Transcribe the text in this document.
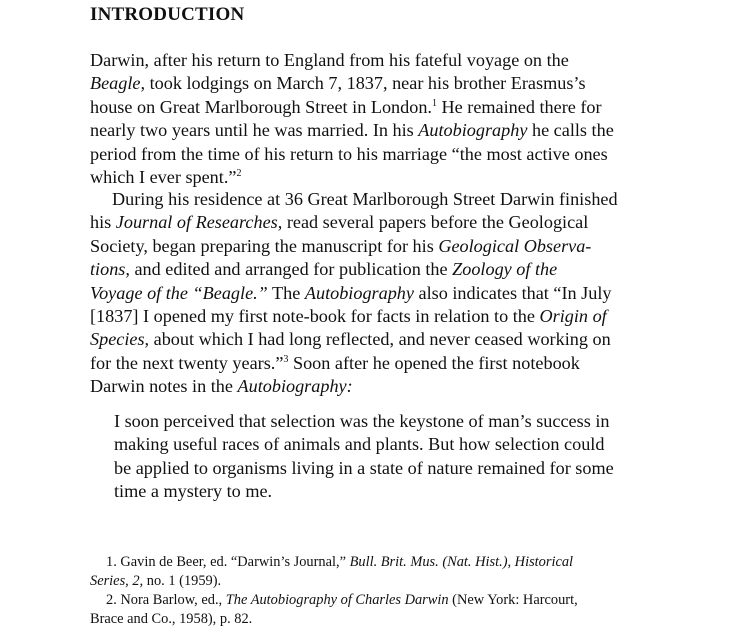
INTRODUCTION
Darwin, after his return to England from his fateful voyage on the
Beagle, took lodgings on March 7, 1837, near his brother Erasmus’s
house on Great Marlborough Street in London.$^1$ He remained there for
nearly two years until he was married. In his Autobiography he calls the
period from the time of his return to his marriage “the most active ones
which I ever spent.”$^2$
During his residence at 36 Great Marlborough Street Darwin finished
his Journal of Researches, read several papers before the Geological
Society, began preparing the manuscript for his Geological Observa-
tions, and edited and arranged for publication the Zoology of the
Voyage of the “Beagle.” The Autobiography also indicates that “In July
[1837] I opened my first note-book for facts in relation to the Origin of
Species, about which I had long reflected, and never ceased working on
for the next twenty years.”$^3$ Soon after he opened the first notebook
Darwin notes in the Autobiography:
I soon perceived that selection was the keystone of man’s success in
making useful races of animals and plants. But how selection could
be applied to organisms living in a state of nature remained for some
time a mystery to me.
1. Gavin de Beer, ed. “Darwin’s Journal,” Bull. Brit. Mus. (Nat. Hist.), Historical
Series, 2, no. 1 (1959).
2. Nora Barlow, ed., The Autobiography of Charles Darwin (New York: Harcourt,
Brace and Co., 1958), p. 82.
